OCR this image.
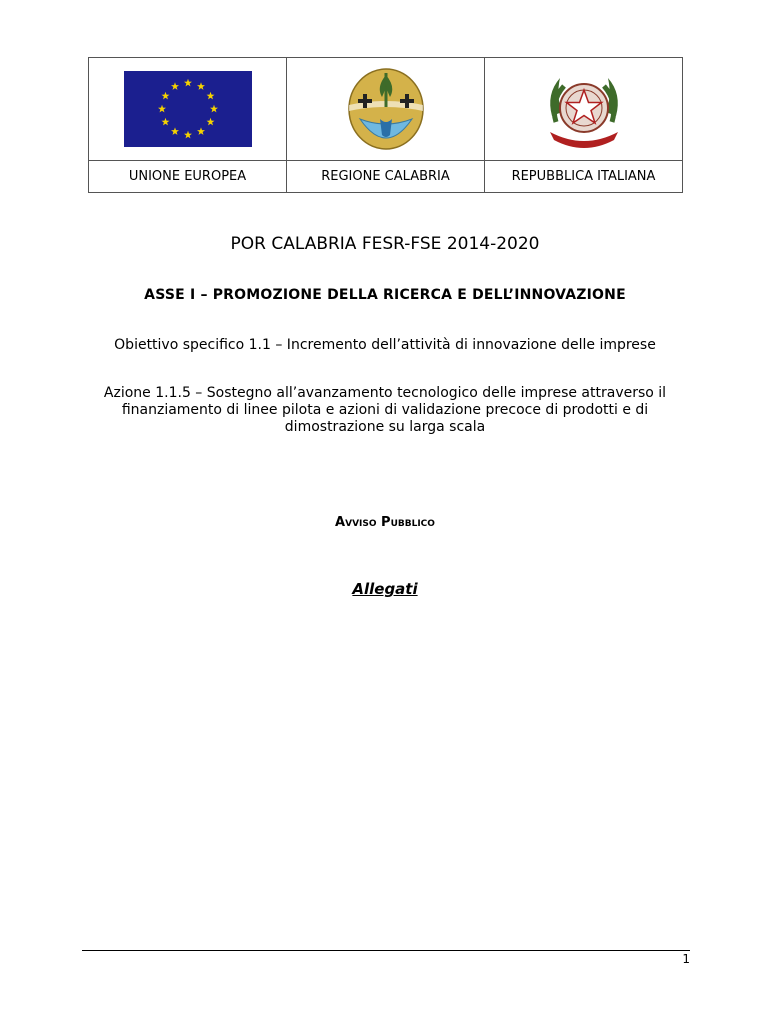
UNIONE EUROPEA	REGIONE CALABRIA	REPUBBLICA ITALIANA
POR CALABRIA FESR-FSE 2014-2020
ASSE I – PROMOZIONE DELLA RICERCA E DELL’INNOVAZIONE
Obiettivo specifico 1.1 – Incremento dell’attività di innovazione delle imprese
Azione 1.1.5 – Sostegno all’avanzamento tecnologico delle imprese attraverso il finanziamento di linee pilota e azioni di validazione precoce di prodotti e di dimostrazione su larga scala
Avviso Pubblico
Allegati
1
